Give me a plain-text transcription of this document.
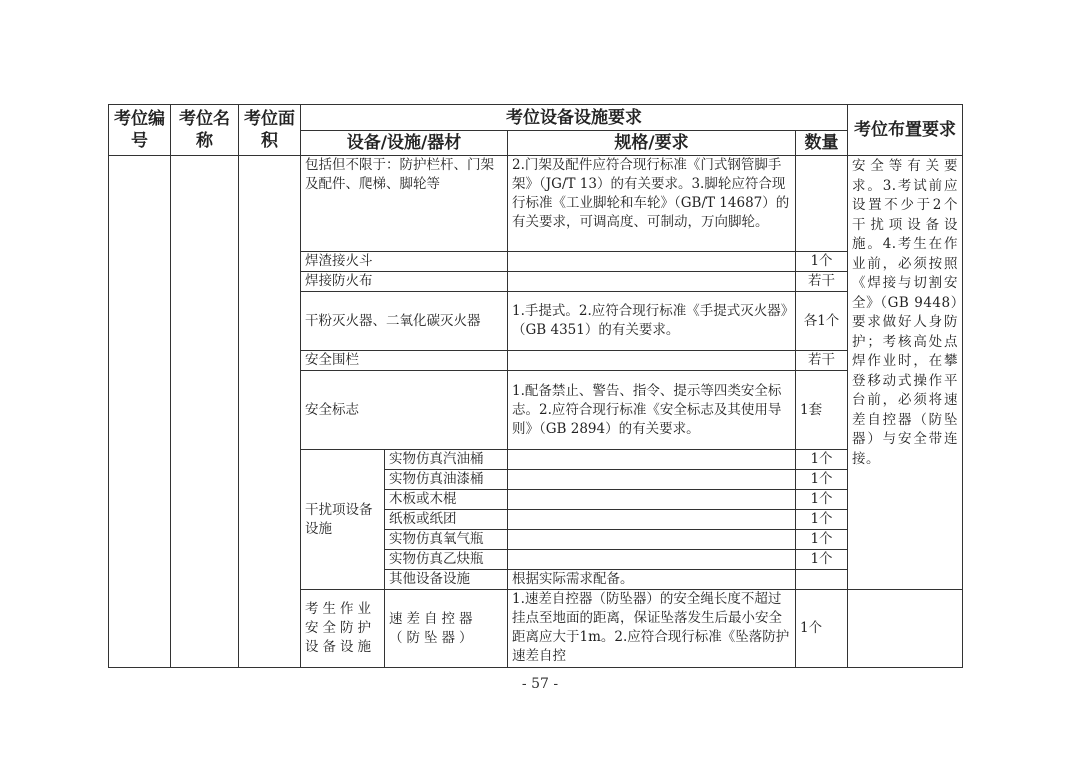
考位编号	考位名称	考位面积	考位设备设施要求				考位布置要求
			设备/设施/器材		规格/要求	数量	
			包括但不限于：防护栏杆、门架及配件、爬梯、脚轮等		2.门架及配件应符合现行标准《门式钢管脚手架》（JG/T 13）的有关要求。3.脚轮应符合现行标准《工业脚轮和车轮》（GB/T 14687）的有关要求，可调高度、可制动，万向脚轮。		安全等有关要求。3.考试前应设置不少于2个干扰项设备设施。4.考生在作业前，必须按照《焊接与切割安全》（GB 9448）要求做好人身防护；考核高处点焊作业时，在攀登移动式操作平台前，必须将速差自控器（防坠器）与安全带连接。
			焊渣接火斗			1个	
			焊接防火布			若干	
			干粉灭火器、二氧化碳灭火器		1.手提式。2.应符合现行标准《手提式灭火器》（GB 4351）的有关要求。	各1个	
			安全围栏			若干	
			安全标志		1.配备禁止、警告、指令、提示等四类安全标志。2.应符合现行标准《安全标志及其使用导则》（GB 2894）的有关要求。	1套	
			干扰项设备设施	实物仿真汽油桶		1个	
				实物仿真油漆桶		1个	
				木板或木棍		1个	
				纸板或纸团		1个	
				实物仿真氧气瓶		1个	
				实物仿真乙炔瓶		1个	
				其他设备设施	根据实际需求配备。		
			考生作业安全防护设备设施	速差自控器（防坠器）	1.速差自控器（防坠器）的安全绳长度不超过挂点至地面的距离，保证坠落发生后最小安全距离应大于1m。2.应符合现行标准《坠落防护 速差自控	1个	
- 57 -
